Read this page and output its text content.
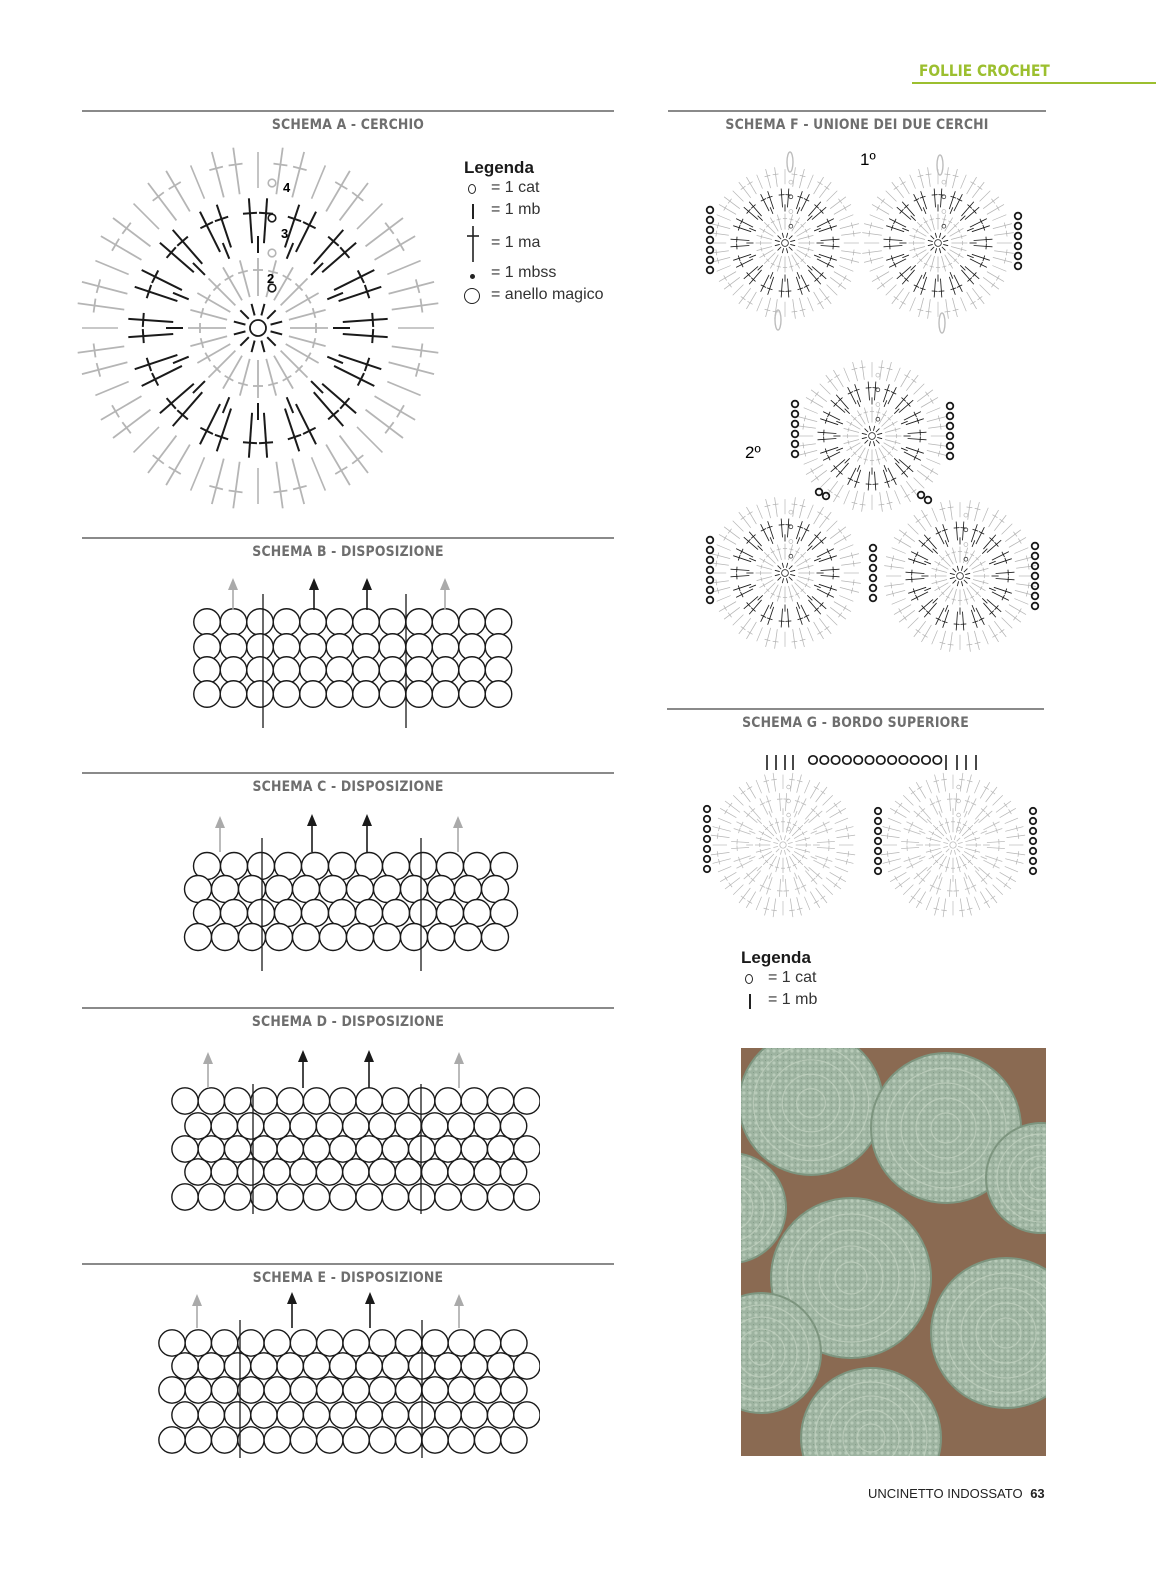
FOLLIE CROCHET
SCHEMA A - CERCHIO
SCHEMA B - DISPOSIZIONE
SCHEMA C - DISPOSIZIONE
SCHEMA D - DISPOSIZIONE
SCHEMA E - DISPOSIZIONE
SCHEMA F - UNIONE DEI DUE CERCHI
SCHEMA G - BORDO SUPERIORE
4
3
2
Legenda
= 1 cat
= 1 mb
= 1 ma
= 1 mbss
= anello magico
1º
2º
Legenda
= 1 cat
= 1 mb
UNCINETTO INDOSSATO 63
